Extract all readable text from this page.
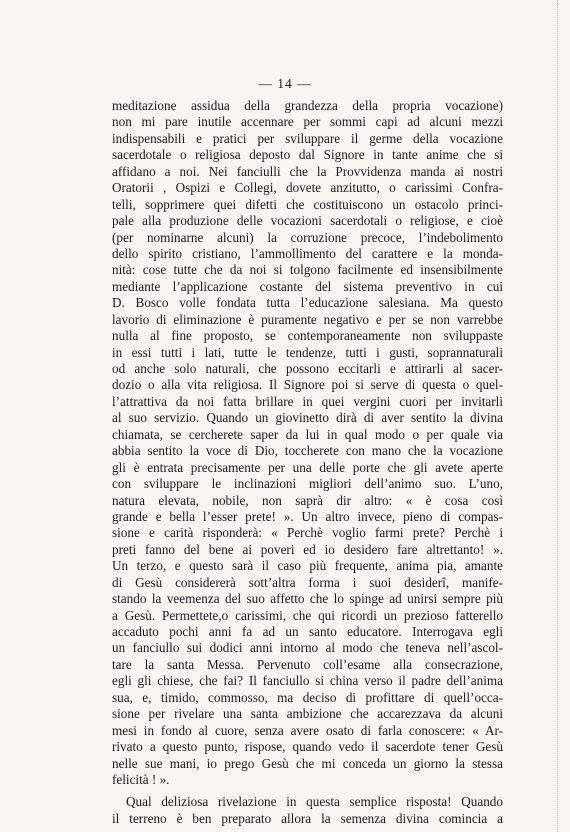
— 14 —
meditazione assidua della grandezza della propria vocazione)
non mi pare inutile accennare per sommi capi ad alcuni mezzi
indispensabili e pratici per sviluppare il germe della vocazione
sacerdotale o religiosa deposto dal Signore in tante anime che si
affidano a noi. Nei fanciulli che la Provvidenza manda ai nostri
Oratorii , Ospizi e Collegi, dovete anzitutto, o carissimi Confra-
telli, sopprimere quei difetti che costituiscono un ostacolo princi-
pale alla produzione delle vocazioni sacerdotali o religiose, e cioè
(per nominarne alcuni) la corruzione precoce, l’indebolimento
dello spirito cristiano, l’ammollimento del carattere e la monda-
nità: cose tutte che da noi si tolgono facilmente ed insensibilmente
mediante l’applicazione costante del sistema preventivo in cui
D. Bosco volle fondata tutta l’educazione salesiana. Ma questo
lavorio di eliminazione è puramente negativo e per se non varrebbe
nulla al fine proposto, se contemporaneamente non sviluppaste
in essi tutti i lati, tutte le tendenze, tutti i gusti, soprannaturali
od anche solo naturali, che possono eccitarli e attirarli al sacer-
dozio o alla vita religiosa. Il Signore poi si serve di questa o quel-
l’attrattiva da noi fatta brillare in quei vergini cuori per invitarli
al suo servizio. Quando un giovinetto dirà di aver sentito la divina
chiamata, se cercherete saper da lui in qual modo o per quale via
abbia sentito la voce di Dio, toccherete con mano che la vocazione
gli è entrata precisamente per una delle porte che gli avete aperte
con sviluppare le inclinazioni migliori dell’animo suo. L’uno,
natura elevata, nobile, non saprà dir altro: « è cosa così
grande e bella l’esser prete! ». Un altro invece, pieno di compas-
sione e carità risponderà: « Perchè voglio farmi prete? Perchè i
preti fanno del bene ai poveri ed io desidero fare altrettanto! ».
Un terzo, e questo sarà il caso più frequente, anima pia, amante
di Gesù considererà sott’altra forma i suoi desiderî, manife-
stando la veemenza del suo affetto che lo spinge ad unirsi sempre più
a Gesù. Permettete,o carissimi, che qui ricordi un prezioso fatterello
accaduto pochi anni fa ad un santo educatore. Interrogava egli
un fanciullo sui dodici anni intorno al modo che teneva nell’ascol-
tare la santa Messa. Pervenuto coll’esame alla consecrazione,
egli gli chiese, che fai? Il fanciullo si china verso il padre dell’anima
sua, e, timido, commosso, ma deciso di profittare di quell’occa-
sione per rivelare una santa ambizione che accarezzava da alcuni
mesi in fondo al cuore, senza avere osato di farla conoscere: « Ar-
rivato a questo punto, rispose, quando vedo il sacerdote tener Gesù
nelle sue mani, io prego Gesù che mi conceda un giorno la stessa
felicità ! ».
Qual deliziosa rivelazione in questa semplice risposta! Quando
il terreno è ben preparato allora la semenza divina comincia a
